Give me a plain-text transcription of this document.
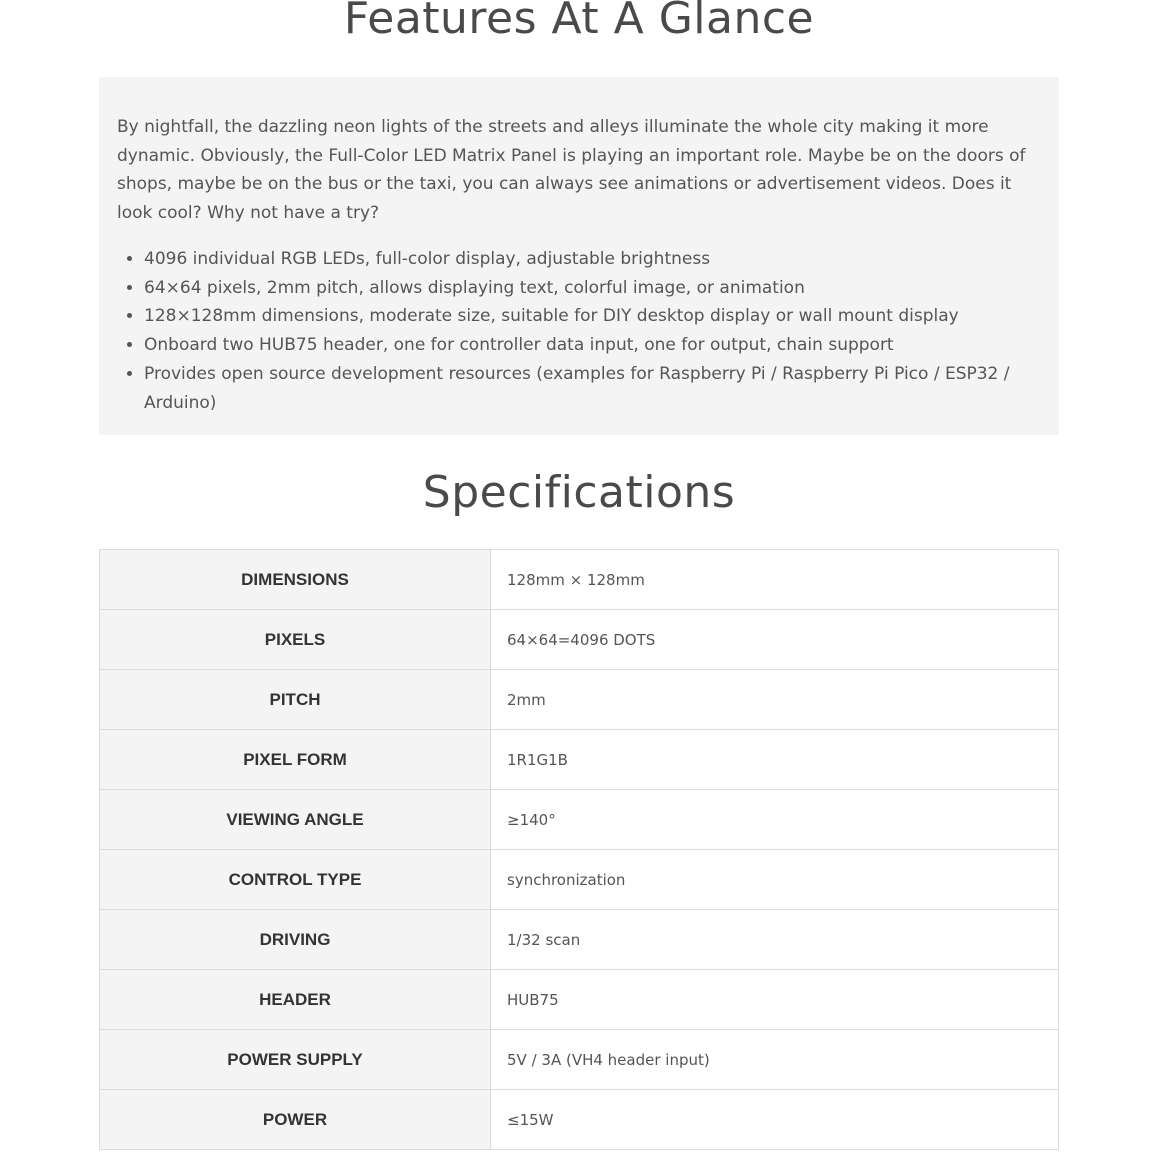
Features At A Glance

By nightfall, the dazzling neon lights of the streets and alleys illuminate the whole city making it more dynamic. Obviously, the Full-Color LED Matrix Panel is playing an important role. Maybe be on the doors of shops, maybe be on the bus or the taxi, you can always see animations or advertisement videos. Does it look cool? Why not have a try?

• 4096 individual RGB LEDs, full-color display, adjustable brightness
• 64×64 pixels, 2mm pitch, allows displaying text, colorful image, or animation
• 128×128mm dimensions, moderate size, suitable for DIY desktop display or wall mount display
• Onboard two HUB75 header, one for controller data input, one for output, chain support
• Provides open source development resources (examples for Raspberry Pi / Raspberry Pi Pico / ESP32 / Arduino)
Specifications
DIMENSIONS	128mm × 128mm
PIXELS	64×64=4096 DOTS
PITCH	2mm
PIXEL FORM	1R1G1B
VIEWING ANGLE	≥140°
CONTROL TYPE	synchronization
DRIVING	1/32 scan
HEADER	HUB75
POWER SUPPLY	5V / 3A (VH4 header input)
POWER	≤15W
